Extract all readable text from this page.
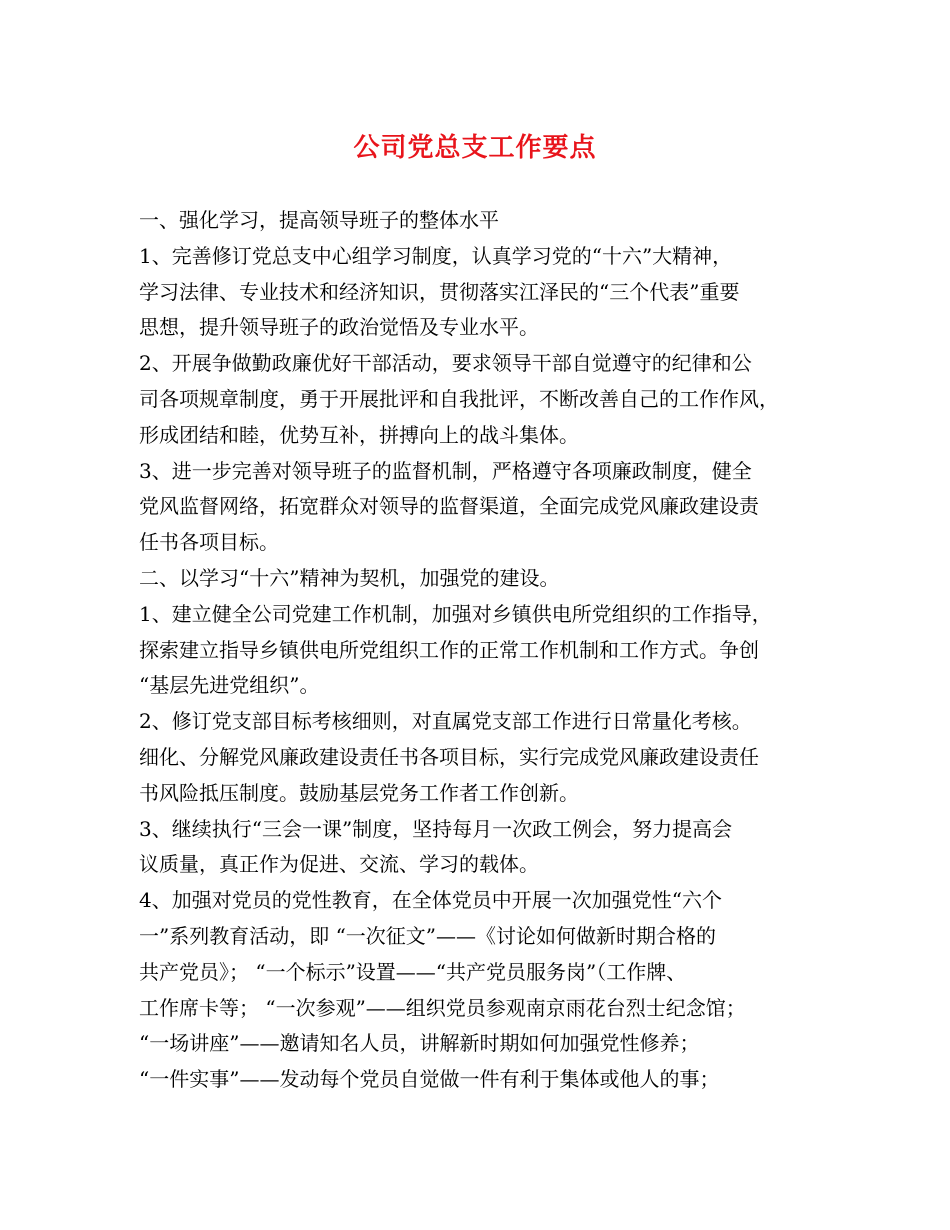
公司党总支工作要点
一、强化学习，提高领导班子的整体水平
1、完善修订党总支中心组学习制度，认真学习党的“十六”大精神，
学习法律、专业技术和经济知识，贯彻落实江泽民的“三个代表”重要
思想，提升领导班子的政治觉悟及专业水平。
2、开展争做勤政廉优好干部活动，要求领导干部自觉遵守的纪律和公
司各项规章制度，勇于开展批评和自我批评，不断改善自己的工作作风，
形成团结和睦，优势互补，拼搏向上的战斗集体。
3、进一步完善对领导班子的监督机制，严格遵守各项廉政制度，健全
党风监督网络，拓宽群众对领导的监督渠道，全面完成党风廉政建设责
任书各项目标。
二、以学习“十六”精神为契机，加强党的建设。
1、建立健全公司党建工作机制，加强对乡镇供电所党组织的工作指导，
探索建立指导乡镇供电所党组织工作的正常工作机制和工作方式。争创
“基层先进党组织”。
2、修订党支部目标考核细则，对直属党支部工作进行日常量化考核。
细化、分解党风廉政建设责任书各项目标，实行完成党风廉政建设责任
书风险抵压制度。鼓励基层党务工作者工作创新。
3、继续执行“三会一课”制度，坚持每月一次政工例会，努力提高会
议质量，真正作为促进、交流、学习的载体。
4、加强对党员的党性教育，在全体党员中开展一次加强党性“六个
一”系列教育活动，即 “一次征文”——《讨论如何做新时期合格的
共产党员》； “一个标示”设置——“共产党员服务岗”（工作牌、
工作席卡等； “一次参观”——组织党员参观南京雨花台烈士纪念馆；
“一场讲座”——邀请知名人员，讲解新时期如何加强党性修养；
“一件实事”——发动每个党员自觉做一件有利于集体或他人的事；
